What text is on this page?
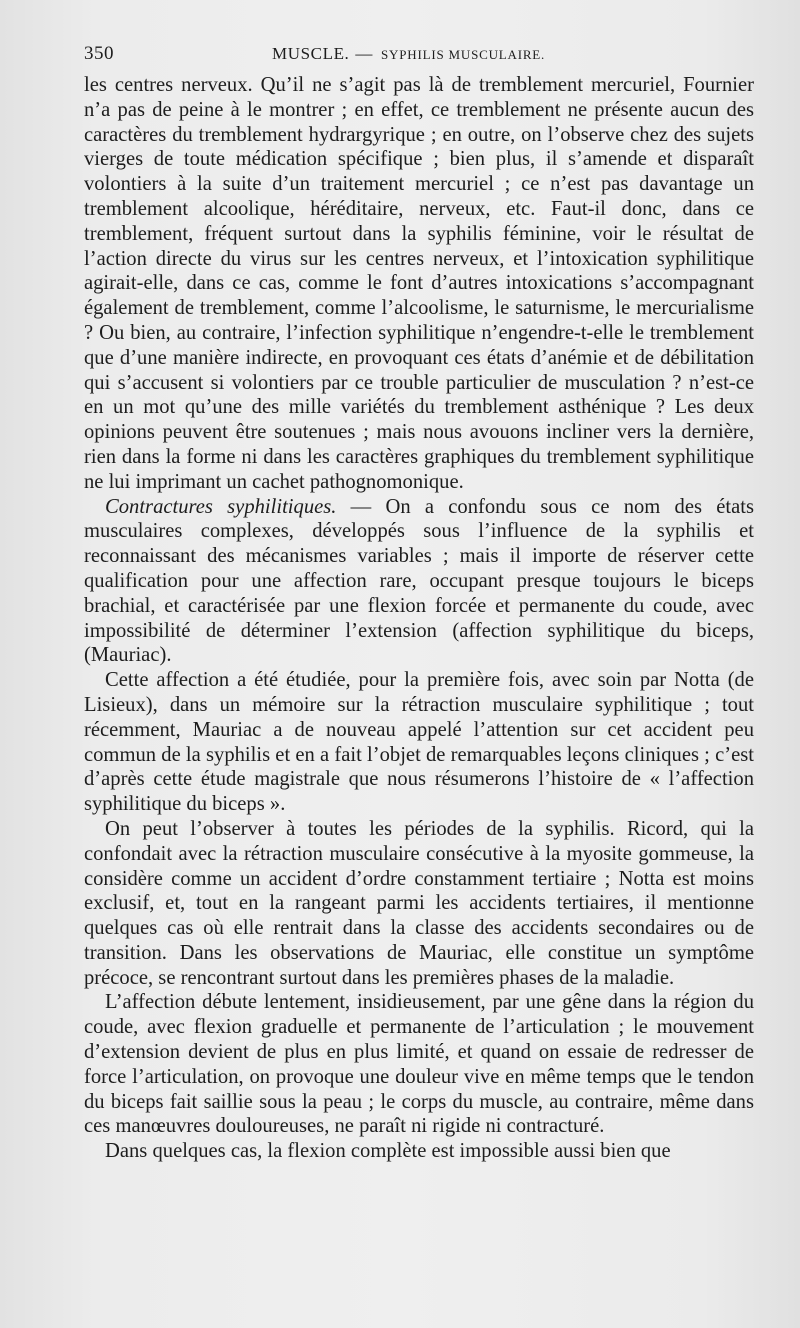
350	MUSCLE. — SYPHILIS MUSCULAIRE.

les centres nerveux. Qu’il ne s’agit pas là de tremblement mercuriel, Fournier n’a pas de peine à le montrer ; en effet, ce tremblement ne présente aucun des caractères du tremblement hydrargyrique ; en outre, on l’observe chez des sujets vierges de toute médication spécifique ; bien plus, il s’amende et disparaît volontiers à la suite d’un traitement mercuriel ; ce n’est pas davantage un tremblement alcoolique, héréditaire, nerveux, etc. Faut-il donc, dans ce tremblement, fréquent surtout dans la syphilis féminine, voir le résultat de l’action directe du virus sur les centres nerveux, et l’intoxication syphilitique agirait-elle, dans ce cas, comme le font d’autres intoxications s’accompagnant également de tremblement, comme l’alcoolisme, le saturnisme, le mercurialisme ? Ou bien, au contraire, l’infection syphilitique n’engendre-t-elle le tremblement que d’une manière indirecte, en provoquant ces états d’anémie et de débilitation qui s’accusent si volontiers par ce trouble particulier de musculation ? n’est-ce en un mot qu’une des mille variétés du tremblement asthénique ? Les deux opinions peuvent être soutenues ; mais nous avouons incliner vers la dernière, rien dans la forme ni dans les caractères graphiques du tremblement syphilitique ne lui imprimant un cachet pathognomonique.

Contractures syphilitiques. — On a confondu sous ce nom des états musculaires complexes, développés sous l’influence de la syphilis et reconnaissant des mécanismes variables ; mais il importe de réserver cette qualification pour une affection rare, occupant presque toujours le biceps brachial, et caractérisée par une flexion forcée et permanente du coude, avec impossibilité de déterminer l’extension (affection syphilitique du biceps, (Mauriac).

Cette affection a été étudiée, pour la première fois, avec soin par Notta (de Lisieux), dans un mémoire sur la rétraction musculaire syphilitique ; tout récemment, Mauriac a de nouveau appelé l’attention sur cet accident peu commun de la syphilis et en a fait l’objet de remarquables leçons cliniques ; c’est d’après cette étude magistrale que nous résumerons l’histoire de « l’affection syphilitique du biceps ».

On peut l’observer à toutes les périodes de la syphilis. Ricord, qui la confondait avec la rétraction musculaire consécutive à la myosite gommeuse, la considère comme un accident d’ordre constamment tertiaire ; Notta est moins exclusif, et, tout en la rangeant parmi les accidents tertiaires, il mentionne quelques cas où elle rentrait dans la classe des accidents secondaires ou de transition. Dans les observations de Mauriac, elle constitue un symptôme précoce, se rencontrant surtout dans les premières phases de la maladie.

L’affection débute lentement, insidieusement, par une gêne dans la région du coude, avec flexion graduelle et permanente de l’articulation ; le mouvement d’extension devient de plus en plus limité, et quand on essaie de redresser de force l’articulation, on provoque une douleur vive en même temps que le tendon du biceps fait saillie sous la peau ; le corps du muscle, au contraire, même dans ces manœuvres douloureuses, ne paraît ni rigide ni contracturé.

Dans quelques cas, la flexion complète est impossible aussi bien que
